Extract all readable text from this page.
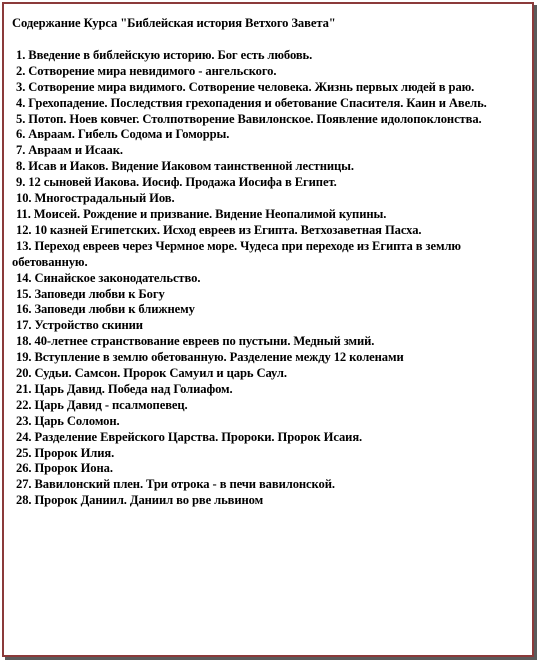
Содержание Курса "Библейская история Ветхого Завета"
1. Введение в библейскую историю. Бог есть любовь.
2. Сотворение мира невидимого - ангельского.
3. Сотворение мира видимого. Сотворение человека. Жизнь первых людей в раю.
4. Грехопадение. Последствия грехопадения и обетование Спасителя. Каин и Авель.
5. Потоп. Ноев ковчег. Столпотворение Вавилонское. Появление идолопоклонства.
6. Авраам. Гибель Содома и Гоморры.
7. Авраам и Исаак.
8. Исав и Иаков. Видение Иаковом таинственной лестницы.
9. 12 сыновей Иакова. Иосиф. Продажа Иосифа в Египет.
10. Многострадальный Иов.
11. Моисей. Рождение и призвание. Видение Неопалимой купины.
12. 10 казней Египетских. Исход евреев из Египта. Ветхозаветная Пасха.
13. Переход евреев через Чермное море. Чудеса при переходе из Египта в землю обетованную.
14. Синайское законодательство.
15. Заповеди любви к Богу
16. Заповеди любви к ближнему
17. Устройство скинии
18. 40-летнее странствование евреев по пустыни. Медный змий.
19. Вступление в землю обетованную. Разделение между 12 коленами
20. Судьи. Самсон. Пророк Самуил и царь Саул.
21. Царь Давид. Победа над Голиафом.
22. Царь Давид - псалмопевец.
23. Царь Соломон.
24. Разделение Еврейского Царства. Пророки. Пророк Исаия.
25. Пророк Илия.
26. Пророк Иона.
27. Вавилонский плен. Три отрока - в печи вавилонской.
28. Пророк Даниил. Даниил во рве львином
